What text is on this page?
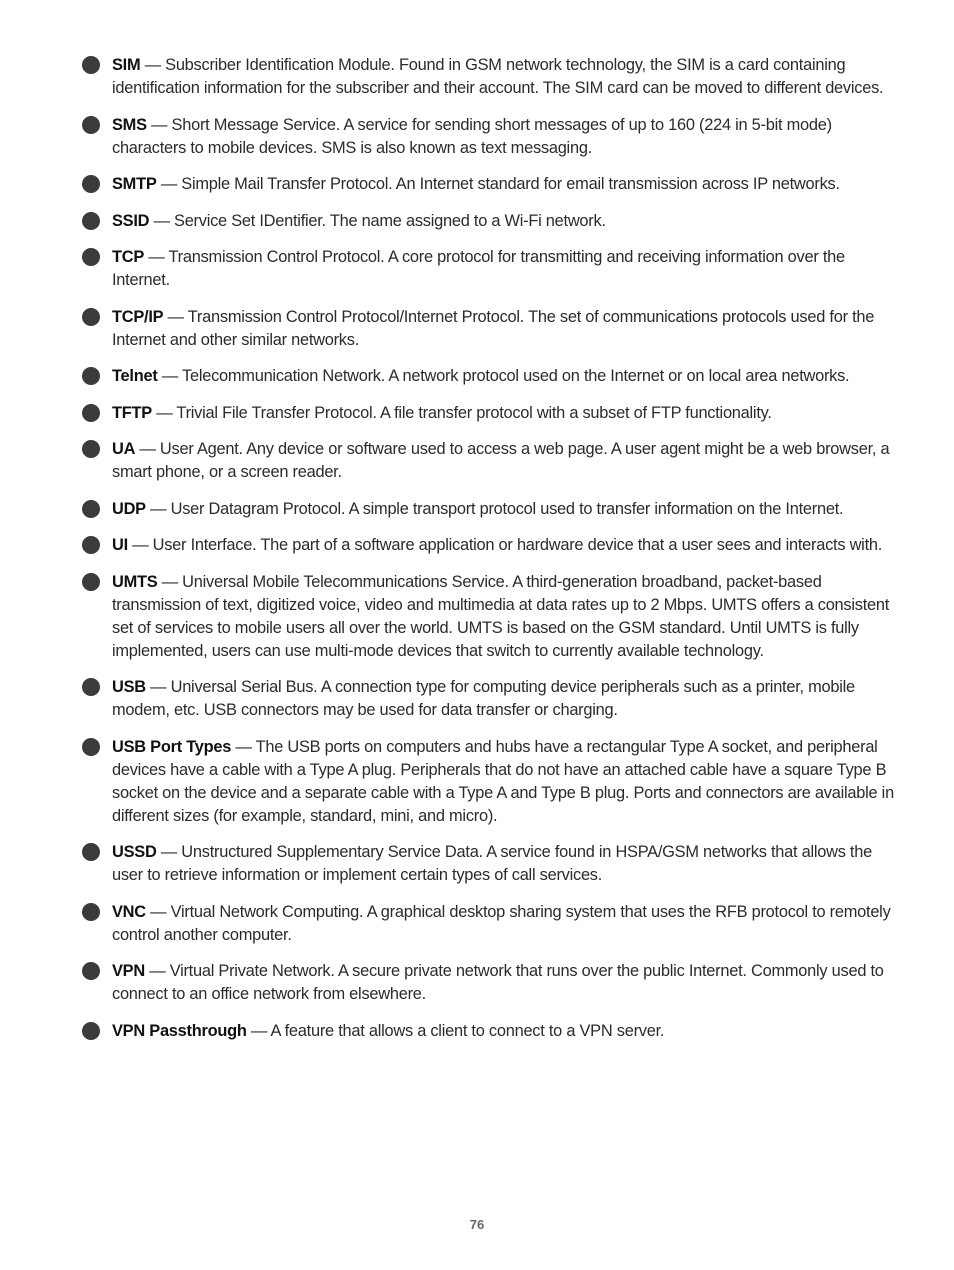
SIM — Subscriber Identification Module. Found in GSM network technology, the SIM is a card containing identification information for the subscriber and their account. The SIM card can be moved to different devices.
SMS — Short Message Service. A service for sending short messages of up to 160 (224 in 5-bit mode) characters to mobile devices. SMS is also known as text messaging.
SMTP — Simple Mail Transfer Protocol. An Internet standard for email transmission across IP networks.
SSID — Service Set IDentifier. The name assigned to a Wi-Fi network.
TCP — Transmission Control Protocol. A core protocol for transmitting and receiving information over the Internet.
TCP/IP — Transmission Control Protocol/Internet Protocol. The set of communications protocols used for the Internet and other similar networks.
Telnet — Telecommunication Network. A network protocol used on the Internet or on local area networks.
TFTP — Trivial File Transfer Protocol. A file transfer protocol with a subset of FTP functionality.
UA — User Agent. Any device or software used to access a web page. A user agent might be a web browser, a smart phone, or a screen reader.
UDP — User Datagram Protocol. A simple transport protocol used to transfer information on the Internet.
UI — User Interface. The part of a software application or hardware device that a user sees and interacts with.
UMTS — Universal Mobile Telecommunications Service. A third-generation broadband, packet-based transmission of text, digitized voice, video and multimedia at data rates up to 2 Mbps. UMTS offers a consistent set of services to mobile users all over the world. UMTS is based on the GSM standard. Until UMTS is fully implemented, users can use multi-mode devices that switch to currently available technology.
USB — Universal Serial Bus. A connection type for computing device peripherals such as a printer, mobile modem, etc. USB connectors may be used for data transfer or charging.
USB Port Types — The USB ports on computers and hubs have a rectangular Type A socket, and peripheral devices have a cable with a Type A plug. Peripherals that do not have an attached cable have a square Type B socket on the device and a separate cable with a Type A and Type B plug. Ports and connectors are available in different sizes (for example, standard, mini, and micro).
USSD — Unstructured Supplementary Service Data. A service found in HSPA/GSM networks that allows the user to retrieve information or implement certain types of call services.
VNC — Virtual Network Computing. A graphical desktop sharing system that uses the RFB protocol to remotely control another computer.
VPN — Virtual Private Network. A secure private network that runs over the public Internet. Commonly used to connect to an office network from elsewhere.
VPN Passthrough — A feature that allows a client to connect to a VPN server.
76
